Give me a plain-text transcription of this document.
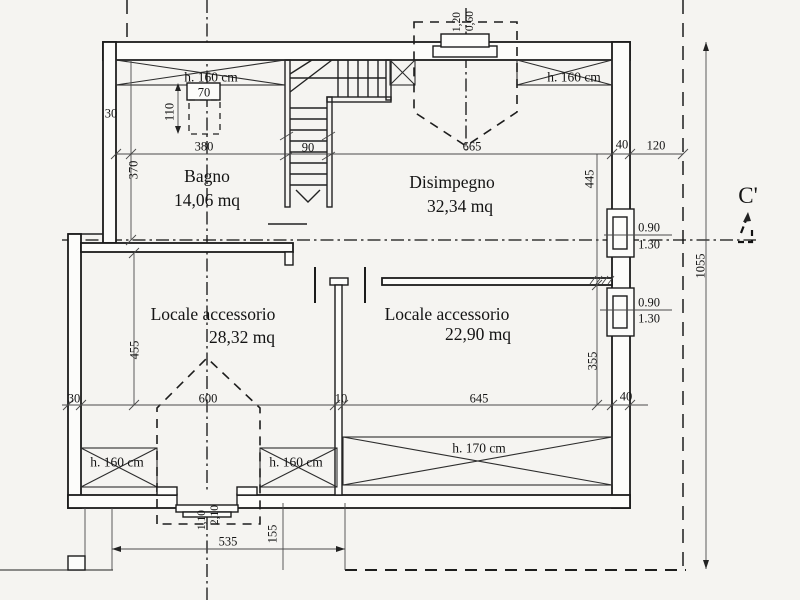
C'
Bagno
14,06 mq
Disimpegno
32,34 mq
Locale accessorio
28,32 mq
Locale accessorio
22,90 mq
h. 160 cm	h. 160 cm
h. 160 cm	h. 160 cm
h. 170 cm
380	90	665	40 120
30
370	445
1055
455
355
30	600	10	645	40
535 155
1,10 2,10
1,20 0,60
70
110
0.90
1.30
0.90
1.30
